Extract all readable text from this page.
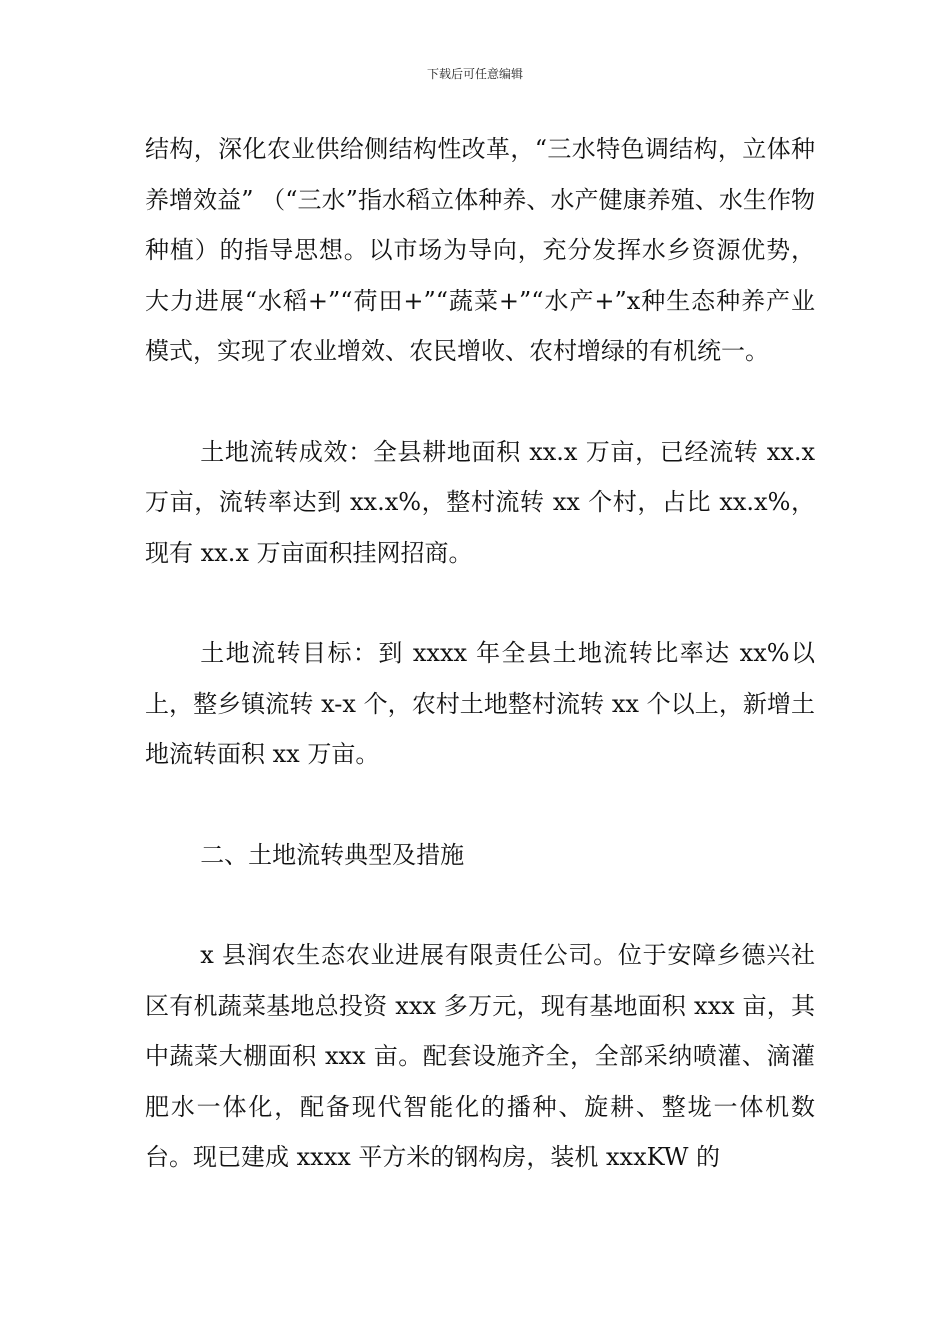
下载后可任意编辑

结构，深化农业供给侧结构性改革，“三水特色调结构，立体种养增效益” （“三水”指水稻立体种养、水产健康养殖、水生作物种植）的指导思想。以市场为导向，充分发挥水乡资源优势，大力进展“水稻+”“荷田+”“蔬菜+”“水产+”x种生态种养产业模式，实现了农业增效、农民增收、农村增绿的有机统一。

土地流转成效：全县耕地面积 xx.x 万亩，已经流转 xx.x 万亩，流转率达到 xx.x%，整村流转 xx 个村，占比 xx.x%，现有 xx.x 万亩面积挂网招商。

土地流转目标：到 xxxx 年全县土地流转比率达 xx%以上，整乡镇流转 x-x 个，农村土地整村流转 xx 个以上，新增土地流转面积 xx 万亩。

二、土地流转典型及措施

x 县润农生态农业进展有限责任公司。位于安障乡德兴社区有机蔬菜基地总投资 xxx 多万元，现有基地面积 xxx 亩，其中蔬菜大棚面积 xxx 亩。配套设施齐全，全部采纳喷灌、滴灌肥水一体化，配备现代智能化的播种、旋耕、整垅一体机数台。现已建成 xxxx 平方米的钢构房，装机 xxxKW 的
